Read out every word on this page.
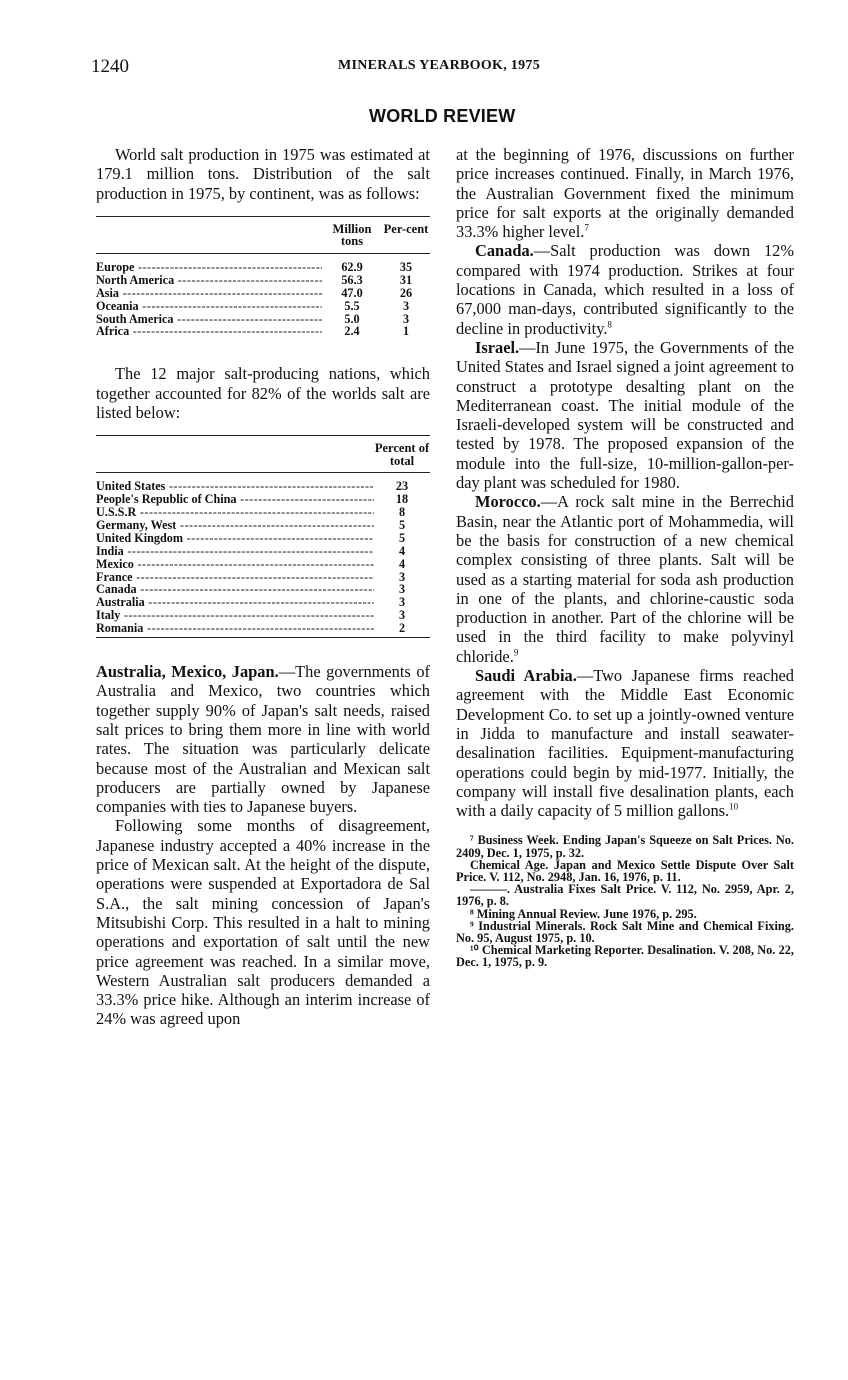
1240	MINERALS YEARBOOK, 1975
WORLD REVIEW

World salt production in 1975 was estimated at 179.1 million tons. Distribution of the salt production in 1975, by continent, was as follows:

Million tons
Per-cent
Europe -----	62.9	35
North America -----	56.3	31
Asia -----	47.0	26
Oceania -----	5.5	3
South America -----	5.0	3
Africa -----	2.4	1

The 12 major salt-producing nations, which together accounted for 82% of the worlds salt are listed below:

Percent of total
United States -----	23
People's Republic of China -----	18
U.S.S.R -----	8
Germany, West -----	5
United Kingdom -----	5
India -----	4
Mexico -----	4
France -----	3
Canada -----	3
Australia -----	3
Italy -----	3
Romania -----	2

Australia, Mexico, Japan.—The governments of Australia and Mexico, two countries which together supply 90% of Japan's salt needs, raised salt prices to bring them more in line with world rates. The situation was particularly delicate because most of the Australian and Mexican salt producers are partially owned by Japanese companies with ties to Japanese buyers.

Following some months of disagreement, Japanese industry accepted a 40% increase in the price of Mexican salt. At the height of the dispute, operations were suspended at Exportadora de Sal S.A., the salt mining concession of Japan's Mitsubishi Corp. This resulted in a halt to mining operations and exportation of salt until the new price agreement was reached. In a similar move, Western Australian salt producers demanded a 33.3% price hike. Although an interim increase of 24% was agreed upon

at the beginning of 1976, discussions on further price increases continued. Finally, in March 1976, the Australian Government fixed the minimum price for salt exports at the originally demanded 33.3% higher level.$^7$

Canada.—Salt production was down 12% compared with 1974 production. Strikes at four locations in Canada, which resulted in a loss of 67,000 man-days, contributed significantly to the decline in productivity.$^8$

Israel.—In June 1975, the Governments of the United States and Israel signed a joint agreement to construct a prototype desalting plant on the Mediterranean coast. The initial module of the Israeli-developed system will be constructed and tested by 1978. The proposed expansion of the module into the full-size, 10-million-gallon-per-day plant was scheduled for 1980.

Morocco.—A rock salt mine in the Berrechid Basin, near the Atlantic port of Mohammedia, will be the basis for construction of a new chemical complex consisting of three plants. Salt will be used as a starting material for soda ash production in one of the plants, and chlorine-caustic soda production in another. Part of the chlorine will be used in the third facility to make polyvinyl chloride.$^9$

Saudi Arabia.—Two Japanese firms reached agreement with the Middle East Economic Development Co. to set up a jointly-owned venture in Jidda to manufacture and install seawater-desalination facilities. Equipment-manufacturing operations could begin by mid-1977. Initially, the company will install five desalination plants, each with a daily capacity of 5 million gallons.$^{10}$

⁷ Business Week. Ending Japan's Squeeze on Salt Prices. No. 2409, Dec. 1, 1975, p. 32.

Chemical Age. Japan and Mexico Settle Dispute Over Salt Price. V. 112, No. 2948, Jan. 16, 1976, p. 11.

———. Australia Fixes Salt Price. V. 112, No. 2959, Apr. 2, 1976, p. 8.

⁸ Mining Annual Review. June 1976, p. 295.

⁹ Industrial Minerals. Rock Salt Mine and Chemical Fixing. No. 95, August 1975, p. 10.

¹⁰ Chemical Marketing Reporter. Desalination. V. 208, No. 22, Dec. 1, 1975, p. 9.
